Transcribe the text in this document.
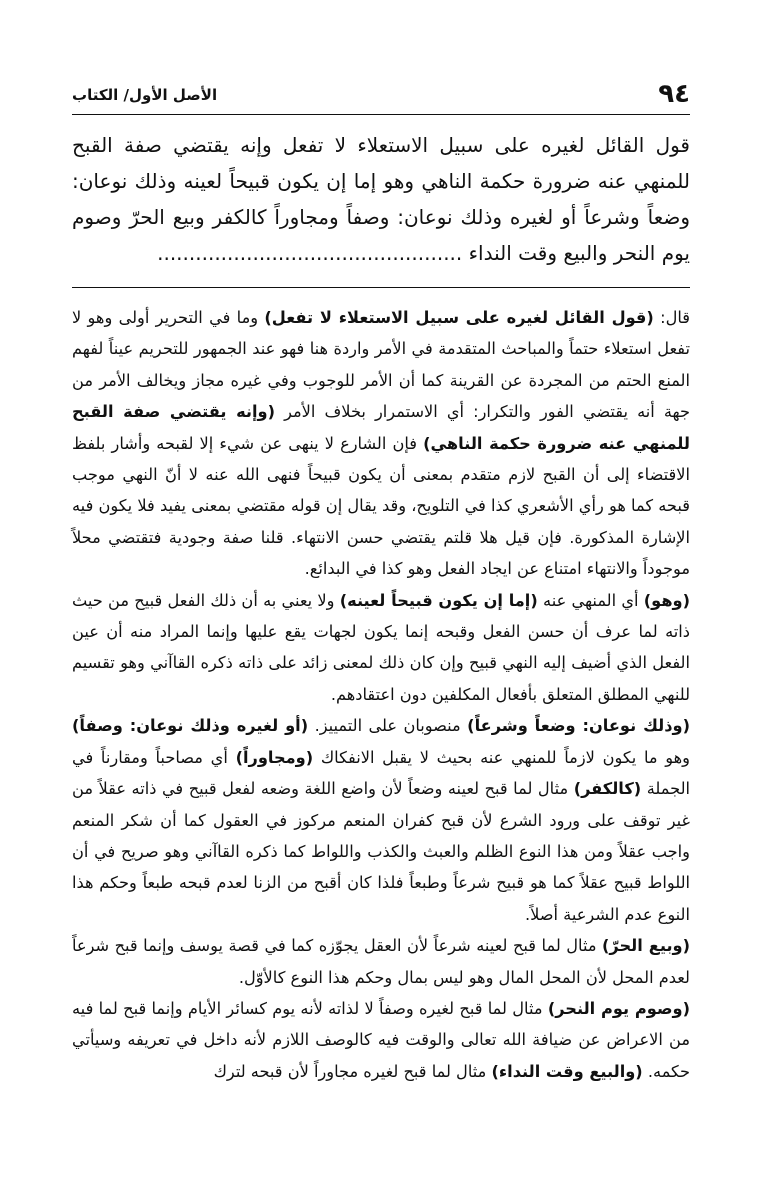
٩٤
الأصل الأول/ الكتاب

قول القائل لغيره على سبيل الاستعلاء لا تفعل وإنه يقتضي صفة القبح للمنهي عنه ضرورة حكمة الناهي وهو إما إن يكون قبيحاً لعينه وذلك نوعان: وضعاً وشرعاً أو لغيره وذلك نوعان: وصفاً ومجاوراً كالكفر وبيع الحرّ وصوم يوم النحر والبيع وقت النداء ................................................

قال: (قول القائل لغيره على سبيل الاستعلاء لا تفعل) وما في التحرير أولى وهو لا تفعل استعلاء حتماً والمباحث المتقدمة في الأمر واردة هنا فهو عند الجمهور للتحريم عيناً لفهم المنع الحتم من المجردة عن القرينة كما أن الأمر للوجوب وفي غيره مجاز ويخالف الأمر من جهة أنه يقتضي الفور والتكرار: أي الاستمرار بخلاف الأمر (وإنه يقتضي صفة القبح للمنهي عنه ضرورة حكمة الناهي) فإن الشارع لا ينهى عن شيء إلا لقبحه وأشار بلفظ الاقتضاء إلى أن القبح لازم متقدم بمعنى أن يكون قبيحاً فنهى الله عنه لا أنّ النهي موجب قبحه كما هو رأي الأشعري كذا في التلويح، وقد يقال إن قوله مقتضي بمعنى يفيد فلا يكون فيه الإشارة المذكورة. فإن قيل هلا قلتم يقتضي حسن الانتهاء. قلنا صفة وجودية فتقتضي محلاً موجوداً والانتهاء امتناع عن ايجاد الفعل وهو كذا في البدائع.

(وهو) أي المنهي عنه (إما إن يكون قبيحاً لعينه) ولا يعني به أن ذلك الفعل قبيح من حيث ذاته لما عرف أن حسن الفعل وقبحه إنما يكون لجهات يقع عليها وإنما المراد منه أن عين الفعل الذي أضيف إليه النهي قبيح وإن كان ذلك لمعنى زائد على ذاته ذكره القاآني وهو تقسيم للنهي المطلق المتعلق بأفعال المكلفين دون اعتقادهم.

(وذلك نوعان: وضعاً وشرعاً) منصوبان على التمييز. (أو لغيره وذلك نوعان: وصفاً) وهو ما يكون لازماً للمنهي عنه بحيث لا يقبل الانفكاك (ومجاوراً) أي مصاحباً ومقارناً في الجملة (كالكفر) مثال لما قبح لعينه وضعاً لأن واضع اللغة وضعه لفعل قبيح في ذاته عقلاً من غير توقف على ورود الشرع لأن قبح كفران المنعم مركوز في العقول كما أن شكر المنعم واجب عقلاً ومن هذا النوع الظلم والعبث والكذب واللواط كما ذكره القاآني وهو صريح في أن اللواط قبيح عقلاً كما هو قبيح شرعاً وطبعاً فلذا كان أقبح من الزنا لعدم قبحه طبعاً وحكم هذا النوع عدم الشرعية أصلاً.

(وبيع الحرّ) مثال لما قبح لعينه شرعاً لأن العقل يجوّزه كما في قصة يوسف وإنما قبح شرعاً لعدم المحل لأن المحل المال وهو ليس بمال وحكم هذا النوع كالأوّل.

(وصوم يوم النحر) مثال لما قبح لغيره وصفاً لا لذاته لأنه يوم كسائر الأيام وإنما قبح لما فيه من الاعراض عن ضيافة الله تعالى والوقت فيه كالوصف اللازم لأنه داخل في تعريفه وسيأتي حكمه. (والبيع وقت النداء) مثال لما قبح لغيره مجاوراً لأن قبحه لترك
